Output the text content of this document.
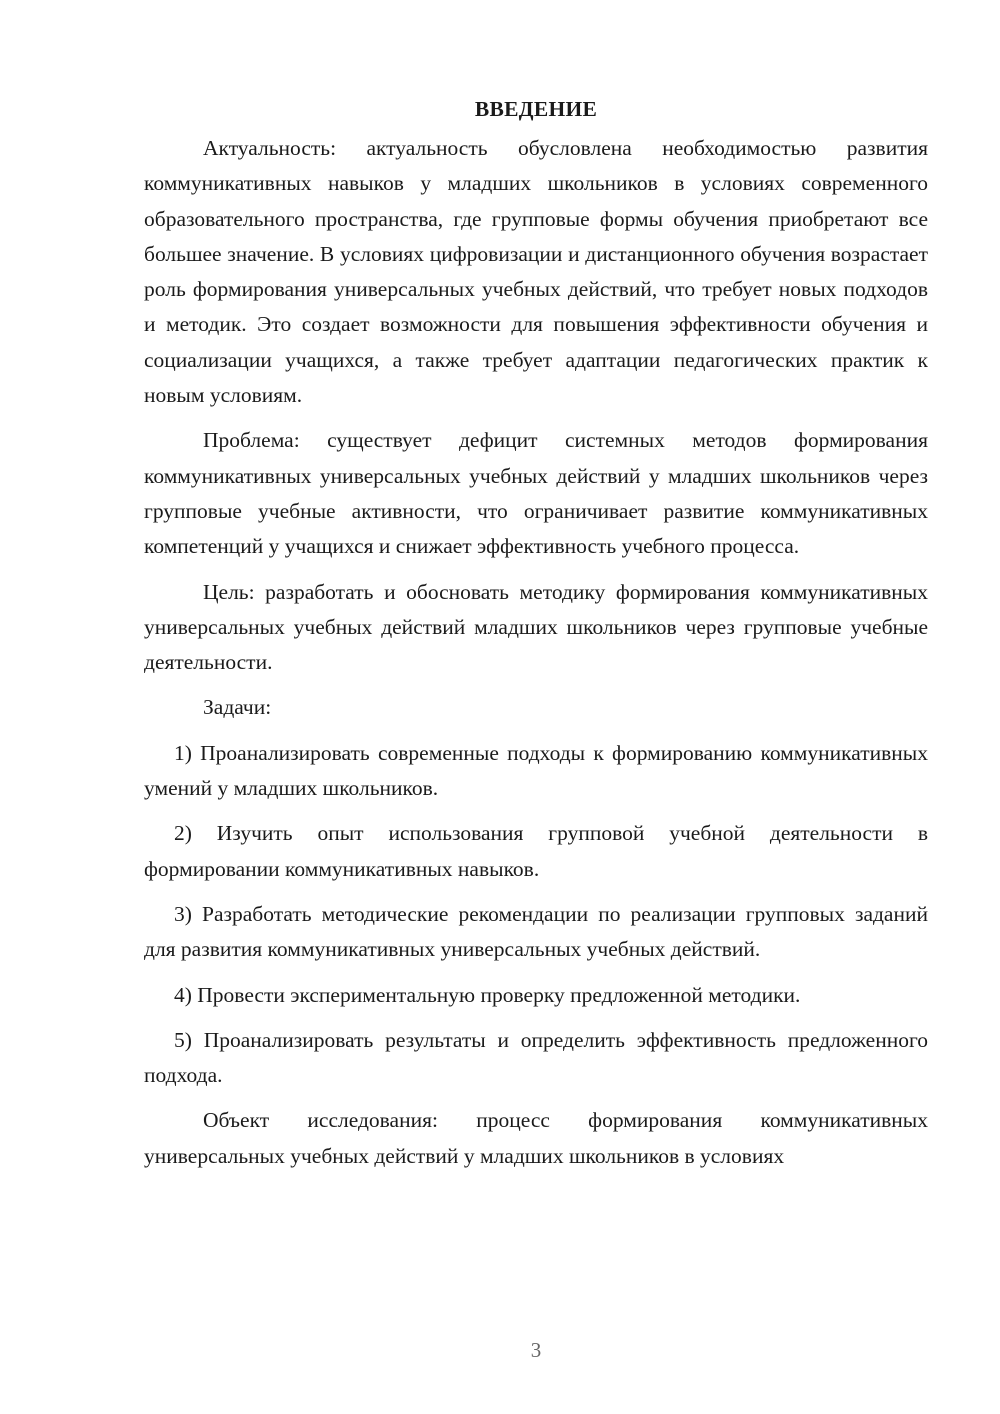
ВВЕДЕНИЕ

Актуальность: актуальность обусловлена необходимостью развития коммуникативных навыков у младших школьников в условиях современного образовательного пространства, где групповые формы обучения приобретают все большее значение. В условиях цифровизации и дистанционного обучения возрастает роль формирования универсальных учебных действий, что требует новых подходов и методик. Это создает возможности для повышения эффективности обучения и социализации учащихся, а также требует адаптации педагогических практик к новым условиям.

Проблема: существует дефицит системных методов формирования коммуникативных универсальных учебных действий у младших школьников через групповые учебные активности, что ограничивает развитие коммуникативных компетенций у учащихся и снижает эффективность учебного процесса.

Цель: разработать и обосновать методику формирования коммуникативных универсальных учебных действий младших школьников через групповые учебные деятельности.

Задачи:

1) Проанализировать современные подходы к формированию коммуникативных умений у младших школьников.

2) Изучить опыт использования групповой учебной деятельности в формировании коммуникативных навыков.

3) Разработать методические рекомендации по реализации групповых заданий для развития коммуникативных универсальных учебных действий.

4) Провести экспериментальную проверку предложенной методики.

5) Проанализировать результаты и определить эффективность предложенного подхода.

Объект исследования: процесс формирования коммуникативных универсальных учебных действий у младших школьников в условиях

3
